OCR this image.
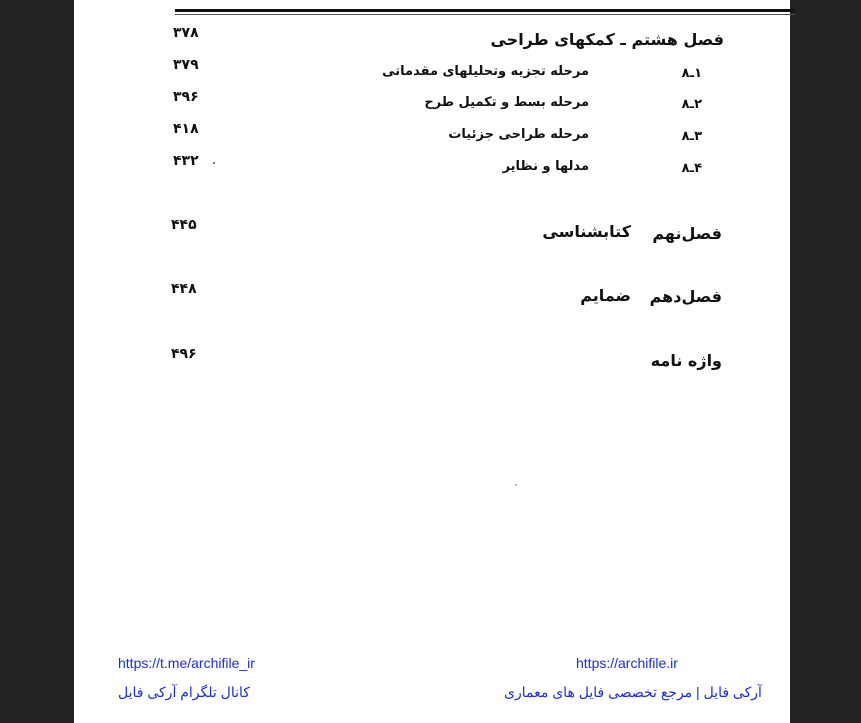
فصل هشتم ـ کمکهای طراحی
۳۷۸
۱ـ۸
مرحله تجزیه وتحلیلهای مقدماتی
۳۷۹
۲ـ۸
مرحله بسط و تکمیل طرح
۳۹۶
۳ـ۸
مرحله طراحی جزئیات
۴۱۸
۴ـ۸
مدلها و نظایر
۴۳۲
فصل‌نهم
کتابشناسی
۴۴۵
فصل‌دهم
ضمایم
۴۴۸
واژه نامه
۴۹۶
https://t.me/archifile_ir	https://archifile.ir
کانال تلگرام آرکی فایل	آرکی فایل | مرجع تخصصی فایل های معماری
